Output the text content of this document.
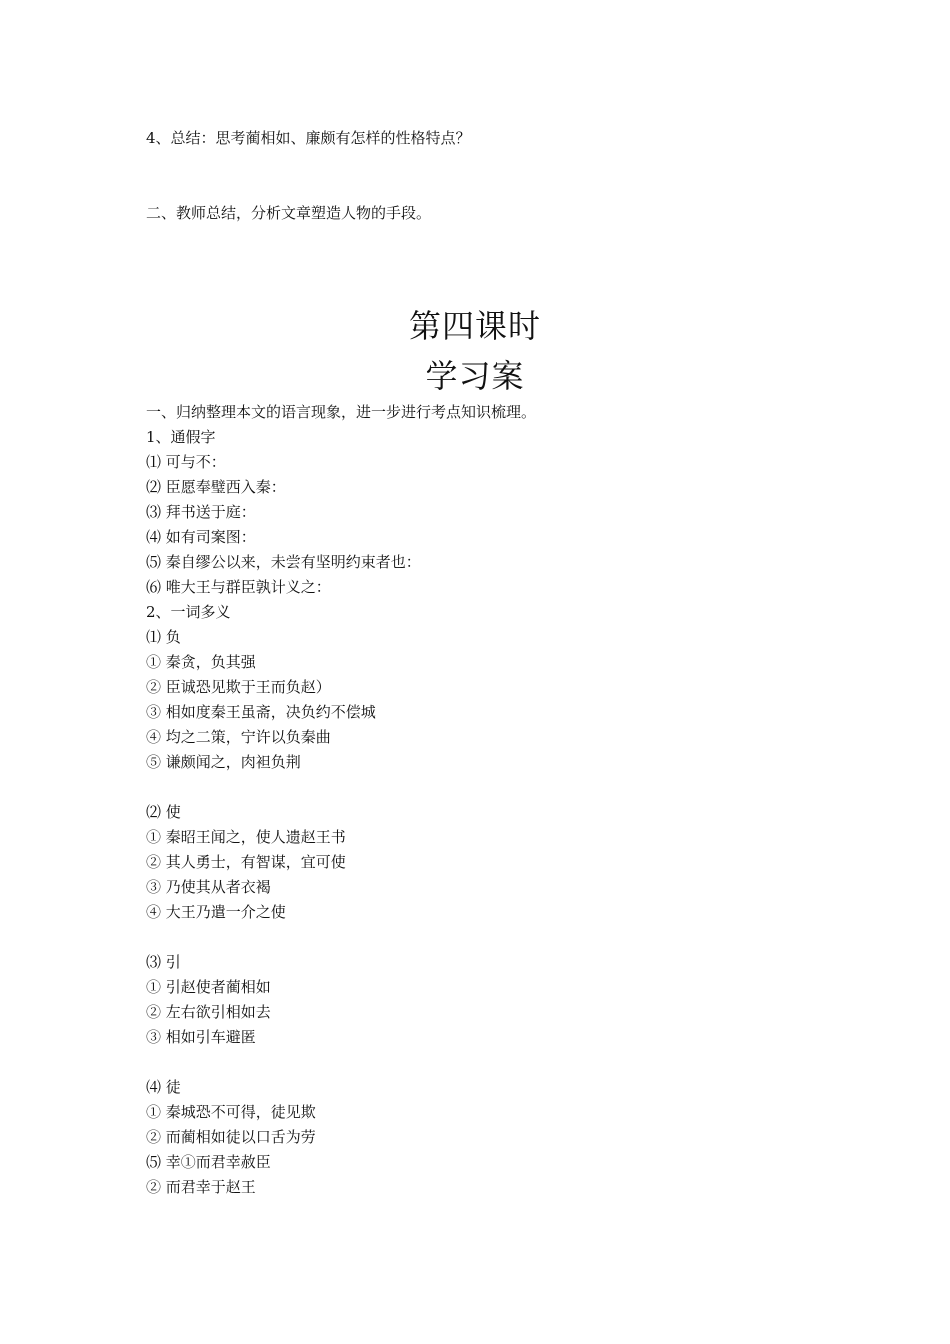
4、总结：思考蔺相如、廉颇有怎样的性格特点？
二、教师总结，分析文章塑造人物的手段。
第四课时
学习案
一、归纳整理本文的语言现象，进一步进行考点知识梳理。
1、通假字
⑴ 可与不：
⑵ 臣愿奉璧西入秦：
⑶ 拜书送于庭：
⑷ 如有司案图：
⑸ 秦自缪公以来，未尝有坚明约束者也：
⑹ 唯大王与群臣孰计义之：
2、一词多义
⑴ 负
① 秦贪，负其强
② 臣诚恐见欺于王而负赵）
③ 相如度秦王虽斋，决负约不偿城
④ 均之二策，宁许以负秦曲
⑤ 谦颇闻之，肉袒负荆
⑵ 使
① 秦昭王闻之，使人遗赵王书
② 其人勇士，有智谋，宜可使
③ 乃使其从者衣褐
④ 大王乃遣一介之使
⑶ 引
① 引赵使者蔺相如
② 左右欲引相如去
③ 相如引车避匿
⑷ 徒
① 秦城恐不可得，徒见欺
② 而蔺相如徒以口舌为劳
⑸ 幸①而君幸赦臣
② 而君幸于赵王
